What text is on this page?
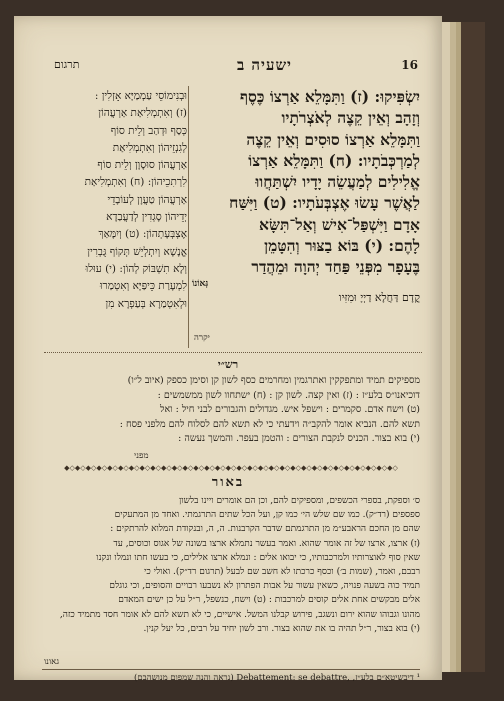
16
ישעיה ב
תרגום
יִשְׂפִּיקוּ: (ז) וַתִּמָּלֵא אַרְצוֹ כֶּסֶף
וְזָהָב וְאֵין קֵצֶה לְאֹצְרֹתָיו
וַתִּמָּלֵא אַרְצוֹ סוּסִים וְאֵין קֵצֶה
לְמַרְכְּבֹתָיו: (ח) וַתִּמָּלֵא אַרְצוֹ
אֱלִילִים לְמַעֲשֵׂה יָדָיו יִשְׁתַּחֲווּ
לַאֲשֶׁר עָשׂוּ אֶצְבְּעֹתָיו: (ט) וַיִּשַּׁח
אָדָם וַיִּשְׁפַּל־אִישׁ וְאַל־תִּשָּׂא
לָהֶם: (י) בּוֹא בַצּוּר וְהִטָּמֵן
בֶּעָפָר מִפְּנֵי פַּחַד יְהוָה וּמֵהֲדַר
גְּאוֹנוֹ
קֳדָם דַּחֲלָא דַיְיָ וּמִזִּיו
יקרה
וּבְנִימוֹסֵי עַמְמַיָּא אָזְלִין :
(ז) וְאִתְמְלִיאַת אַרְעֲהוֹן
כְּסַף וּדְהַב וְלֵית סוֹף
לְגִנְזֵיהוֹן וְאִתְמְלִיאַת
אַרְעֲהוֹן סוּסָוָן וְלֵית סוֹף
לִרְתִכֵיהוֹן: (ח) וְאִתְמְלִיאַת
אַרְעֲהוֹן טַעֲוָן לְעוֹבָדֵי
יְדֵיהוֹן סָגְדִין לְדַעֲבַדָא
אֶצְבְּעָתְהוֹן: (ט) וְיִמָּאַךְ
אֱנָשָׁא וְיִתְלְיֵשׁ תְּקוֹף גֻּבְרִין
וְלָא תִשְׁבּוֹק לְהוֹן: (י) עוּלוּ
לִמְעָרַת כֵּיפַּיָּא וְאִטְמַרוּ
וּלְאִטְמַרָא בְּעַפְרָא מִן
רש״י
מספיקים תמיד ומתפקקין ואתרגמין ומחרמים כסף לשון קן וסימן כספק (איוב ל״ו)
דוכיאנו״ס בלע״ז : (ז) ואין קצה. לשון קן : (ח) ישתחוו לשון ממשמשים :
(ט) וישח אדם. סקמרים : וישפל איש. מגדולים והגבורים לבני חיל : ואל
תשא להם. הנביא אומר להקב״ה וידעתי כי לא תשא להם לסלוח להם מלפני פסח :
(י) בוא בצור. הכניס לנקבת הצורים : והטמן בעפר. והמשך נעשה :
מפני
◆◇◆◇◆◇◆◇◆◇◆◇◆◇◆◇◆◇◆◇◆◇◆◇◆◇◆◇◆◇◆◇◆◇◆◇◆◇◆◇◆◇◆◇◆◇◆◇◆◇◆◇◆◇◆◇◆◇◆◇◆◇
באור
ס׳ וספקת, בספרי הכשפים, ומספיקים להם, וכן הם אומרים ויינו בלשון
ספספים (רד״ק). כמו שם שלש הי׳ כמו קן, ועל הכל שתים התרגמתי. ואחד מן המתעקים
שהם מן החכם הראבע״מ מן התרגמתם שדבר הקרבנות. ה, ה, ובנקודת המלוא להרתקים :
(ז) ארצו, ארצו של זה אומר שהוא. ואמר בעשר נתמלא ארצו בשונה של אגוס וכוסים, עד
שאין סוף לאוצרותיו ולמרכבותיו, כי יבואו אלים : ונמלא ארצו אלילים, כי בעשו חתו ונמלו ונקנו
רבבם, ואמר, (שמות ב׳) וכסף כרכתו לא חשב שם לבעל (תרגום רד״ק). ואולי כי
תמיד כוה בשעה פנויה, כשאין עשור על אבות הפתרון לא נשבעו רבויים והסופים, וכי גוגלם
אלים מבקשים אחת אלים קוסים למרכבות : (ט) וישח, כנשפל, ר״ל על כן ישים המאדם
מהונו וגבוהו שהוא ירום ונשגב, פירוש קבלנו המשל. אישיים, כי לא תשא להם לא אומר חסד מתמיד כזה,
(י) בוא בצור, ר״ל תהיה בו את שהוא בצור. ורב לשון יחיד על רבים, כל יעל קנין.
גאונו
¹ דיבשיטא״ם בלע״ז, ,Debattement: se debattre (נראה והנה שמפום מנושהבם)
